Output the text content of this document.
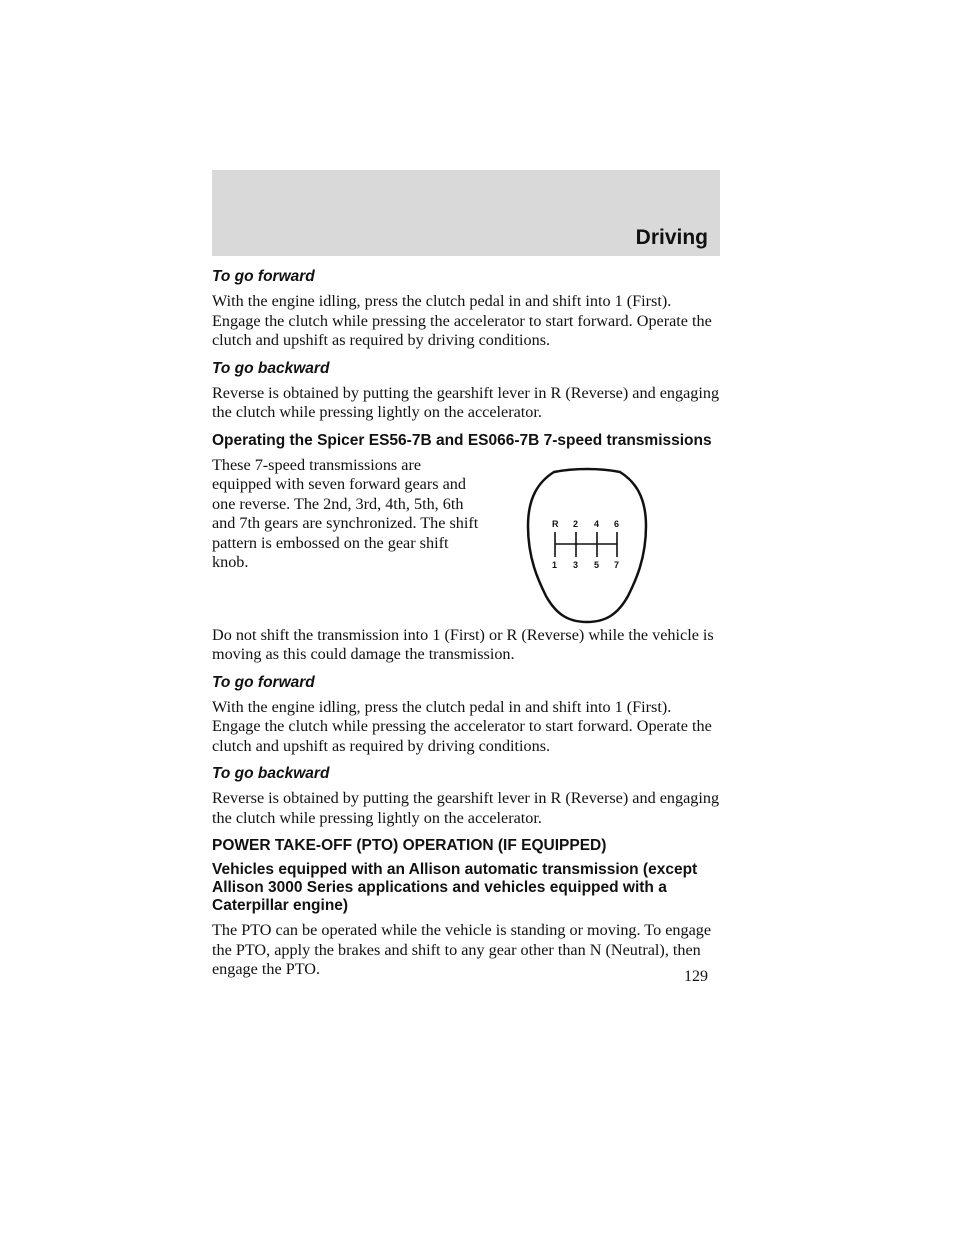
Driving

To go forward

With the engine idling, press the clutch pedal in and shift into 1 (First). Engage the clutch while pressing the accelerator to start forward. Operate the clutch and upshift as required by driving conditions.

To go backward

Reverse is obtained by putting the gearshift lever in R (Reverse) and engaging the clutch while pressing lightly on the accelerator.

Operating the Spicer ES56-7B and ES066-7B 7-speed transmissions

These 7-speed transmissions are equipped with seven forward gears and one reverse. The 2nd, 3rd, 4th, 5th, 6th and 7th gears are synchronized. The shift pattern is embossed on the gear shift knob.

R 2 4 6
1 3 5 7

Do not shift the transmission into 1 (First) or R (Reverse) while the vehicle is moving as this could damage the transmission.

To go forward

With the engine idling, press the clutch pedal in and shift into 1 (First). Engage the clutch while pressing the accelerator to start forward. Operate the clutch and upshift as required by driving conditions.

To go backward

Reverse is obtained by putting the gearshift lever in R (Reverse) and engaging the clutch while pressing lightly on the accelerator.

POWER TAKE-OFF (PTO) OPERATION (IF EQUIPPED)

Vehicles equipped with an Allison automatic transmission (except Allison 3000 Series applications and vehicles equipped with a Caterpillar engine)

The PTO can be operated while the vehicle is standing or moving. To engage the PTO, apply the brakes and shift to any gear other than N (Neutral), then engage the PTO.	129
